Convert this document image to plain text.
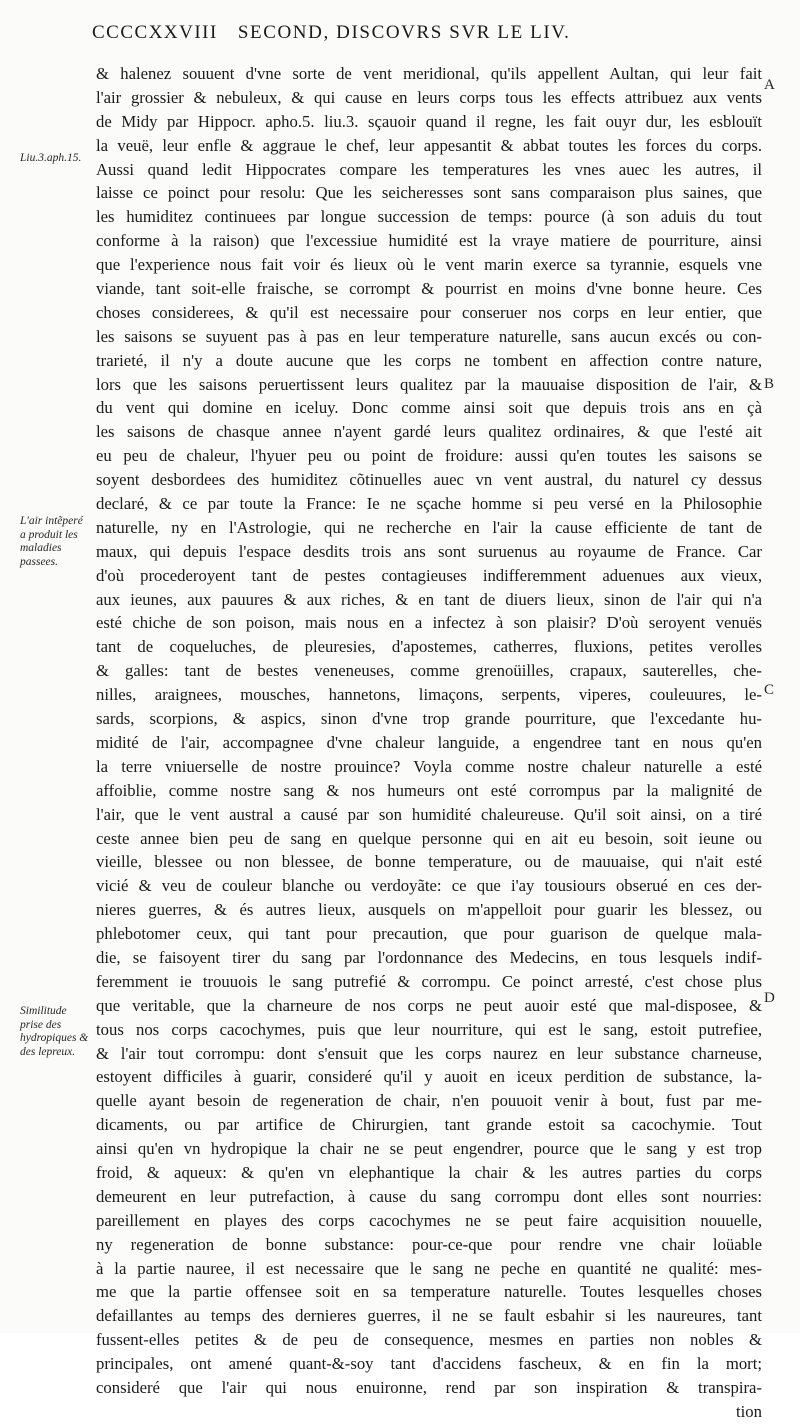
CCCCXXVIII SECOND, DISCOVRS SVR LE LIV.
Liu.3.aph.15.
L'air intẽperé a produit les maladies passees.
Similitude prise des hydropiques & des lepreux.
A
B
C
D
& halenez souuent d'vne sorte de vent meridional, qu'ils appellent Aultan, qui leur fait
l'air grossier & nebuleux, & qui cause en leurs corps tous les effects attribuez aux vents
de Midy par Hippocr. apho.5. liu.3. sçauoir quand il regne, les fait ouyr dur, les esblouït
la veuë, leur enfle & aggraue le chef, leur appesantit & abbat toutes les forces du corps.
Aussi quand ledit Hippocrates compare les temperatures les vnes auec les autres, il
laisse ce poinct pour resolu: Que les seicheresses sont sans comparaison plus saines, que
les humiditez continuees par longue succession de temps: pource (à son aduis du tout
conforme à la raison) que l'excessiue humidité est la vraye matiere de pourriture, ainsi
que l'experience nous fait voir és lieux où le vent marin exerce sa tyrannie, esquels vne
viande, tant soit-elle fraische, se corrompt & pourrist en moins d'vne bonne heure. Ces
choses considerees, & qu'il est necessaire pour conseruer nos corps en leur entier, que
les saisons se suyuent pas à pas en leur temperature naturelle, sans aucun excés ou con-
trarieté, il n'y a doute aucune que les corps ne tombent en affection contre nature,
lors que les saisons peruertissent leurs qualitez par la mauuaise disposition de l'air, &
du vent qui domine en iceluy. Donc comme ainsi soit que depuis trois ans en çà
les saisons de chasque annee n'ayent gardé leurs qualitez ordinaires, & que l'esté ait
eu peu de chaleur, l'hyuer peu ou point de froidure: aussi qu'en toutes les saisons se
soyent desbordees des humiditez cõtinuelles auec vn vent austral, du naturel cy dessus
declaré, & ce par toute la France: Ie ne sçache homme si peu versé en la Philosophie
naturelle, ny en l'Astrologie, qui ne recherche en l'air la cause efficiente de tant de
maux, qui depuis l'espace desdits trois ans sont suruenus au royaume de France. Car
d'où procederoyent tant de pestes contagieuses indifferemment aduenues aux vieux,
aux ieunes, aux pauures & aux riches, & en tant de diuers lieux, sinon de l'air qui n'a
esté chiche de son poison, mais nous en a infectez à son plaisir? D'où seroyent venuës
tant de coqueluches, de pleuresies, d'apostemes, catherres, fluxions, petites verolles
& galles: tant de bestes veneneuses, comme grenoüilles, crapaux, sauterelles, che-
nilles, araignees, mousches, hannetons, limaçons, serpents, viperes, couleuures, le-
sards, scorpions, & aspics, sinon d'vne trop grande pourriture, que l'excedante hu-
midité de l'air, accompagnee d'vne chaleur languide, a engendree tant en nous qu'en
la terre vniuerselle de nostre prouince? Voyla comme nostre chaleur naturelle a esté
affoiblie, comme nostre sang & nos humeurs ont esté corrompus par la malignité de
l'air, que le vent austral a causé par son humidité chaleureuse. Qu'il soit ainsi, on a tiré
ceste annee bien peu de sang en quelque personne qui en ait eu besoin, soit ieune ou
vieille, blessee ou non blessee, de bonne temperature, ou de mauuaise, qui n'ait esté
vicié & veu de couleur blanche ou verdoyãte: ce que i'ay tousiours obserué en ces der-
nieres guerres, & és autres lieux, ausquels on m'appelloit pour guarir les blessez, ou
phlebotomer ceux, qui tant pour precaution, que pour guarison de quelque mala-
die, se faisoyent tirer du sang par l'ordonnance des Medecins, en tous lesquels indif-
feremment ie trouuois le sang putrefié & corrompu. Ce poinct arresté, c'est chose plus
que veritable, que la charneure de nos corps ne peut auoir esté que mal-disposee, &
tous nos corps cacochymes, puis que leur nourriture, qui est le sang, estoit putrefiee,
& l'air tout corrompu: dont s'ensuit que les corps naurez en leur substance charneuse,
estoyent difficiles à guarir, consideré qu'il y auoit en iceux perdition de substance, la-
quelle ayant besoin de regeneration de chair, n'en pouuoit venir à bout, fust par me-
dicaments, ou par artifice de Chirurgien, tant grande estoit sa cacochymie. Tout
ainsi qu'en vn hydropique la chair ne se peut engendrer, pource que le sang y est trop
froid, & aqueux: & qu'en vn elephantique la chair & les autres parties du corps
demeurent en leur putrefaction, à cause du sang corrompu dont elles sont nourries:
pareillement en playes des corps cacochymes ne se peut faire acquisition nouuelle,
ny regeneration de bonne substance: pour-ce-que pour rendre vne chair loüable
à la partie nauree, il est necessaire que le sang ne peche en quantité ne qualité: mes-
me que la partie offensee soit en sa temperature naturelle. Toutes lesquelles choses
defaillantes au temps des dernieres guerres, il ne se fault esbahir si les naureures, tant
fussent-elles petites & de peu de consequence, mesmes en parties non nobles &
principales, ont amené quant-&-soy tant d'accidens fascheux, & en fin la mort;
consideré que l'air qui nous enuironne, rend par son inspiration & transpira-
tion
